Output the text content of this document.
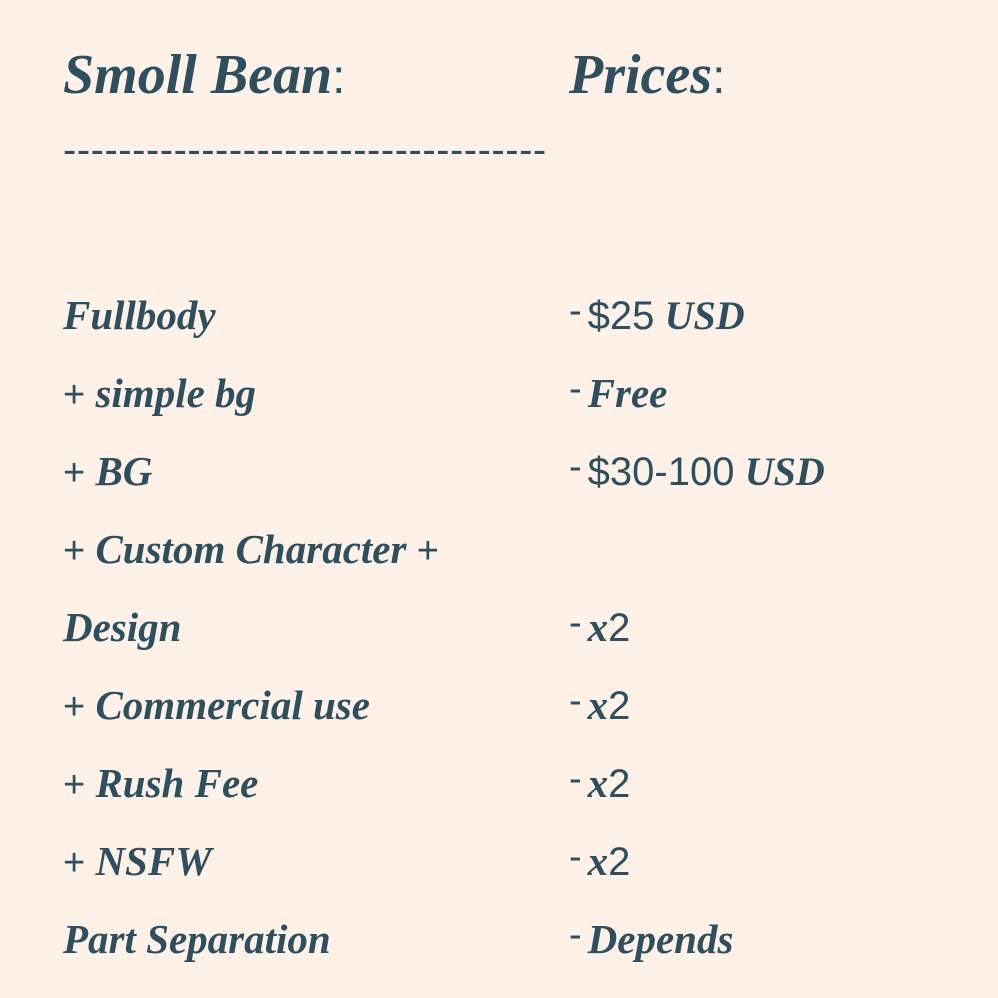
Smoll Bean:	Prices:
-----------------------------------
Fullbody	- $25 USD
+ simple bg	- Free
+ BG	- $30-100 USD
+ Custom Character +
Design	- x2
+ Commercial use	- x2
+ Rush Fee	- x2
+ NSFW	- x2
Part Separation	- Depends
